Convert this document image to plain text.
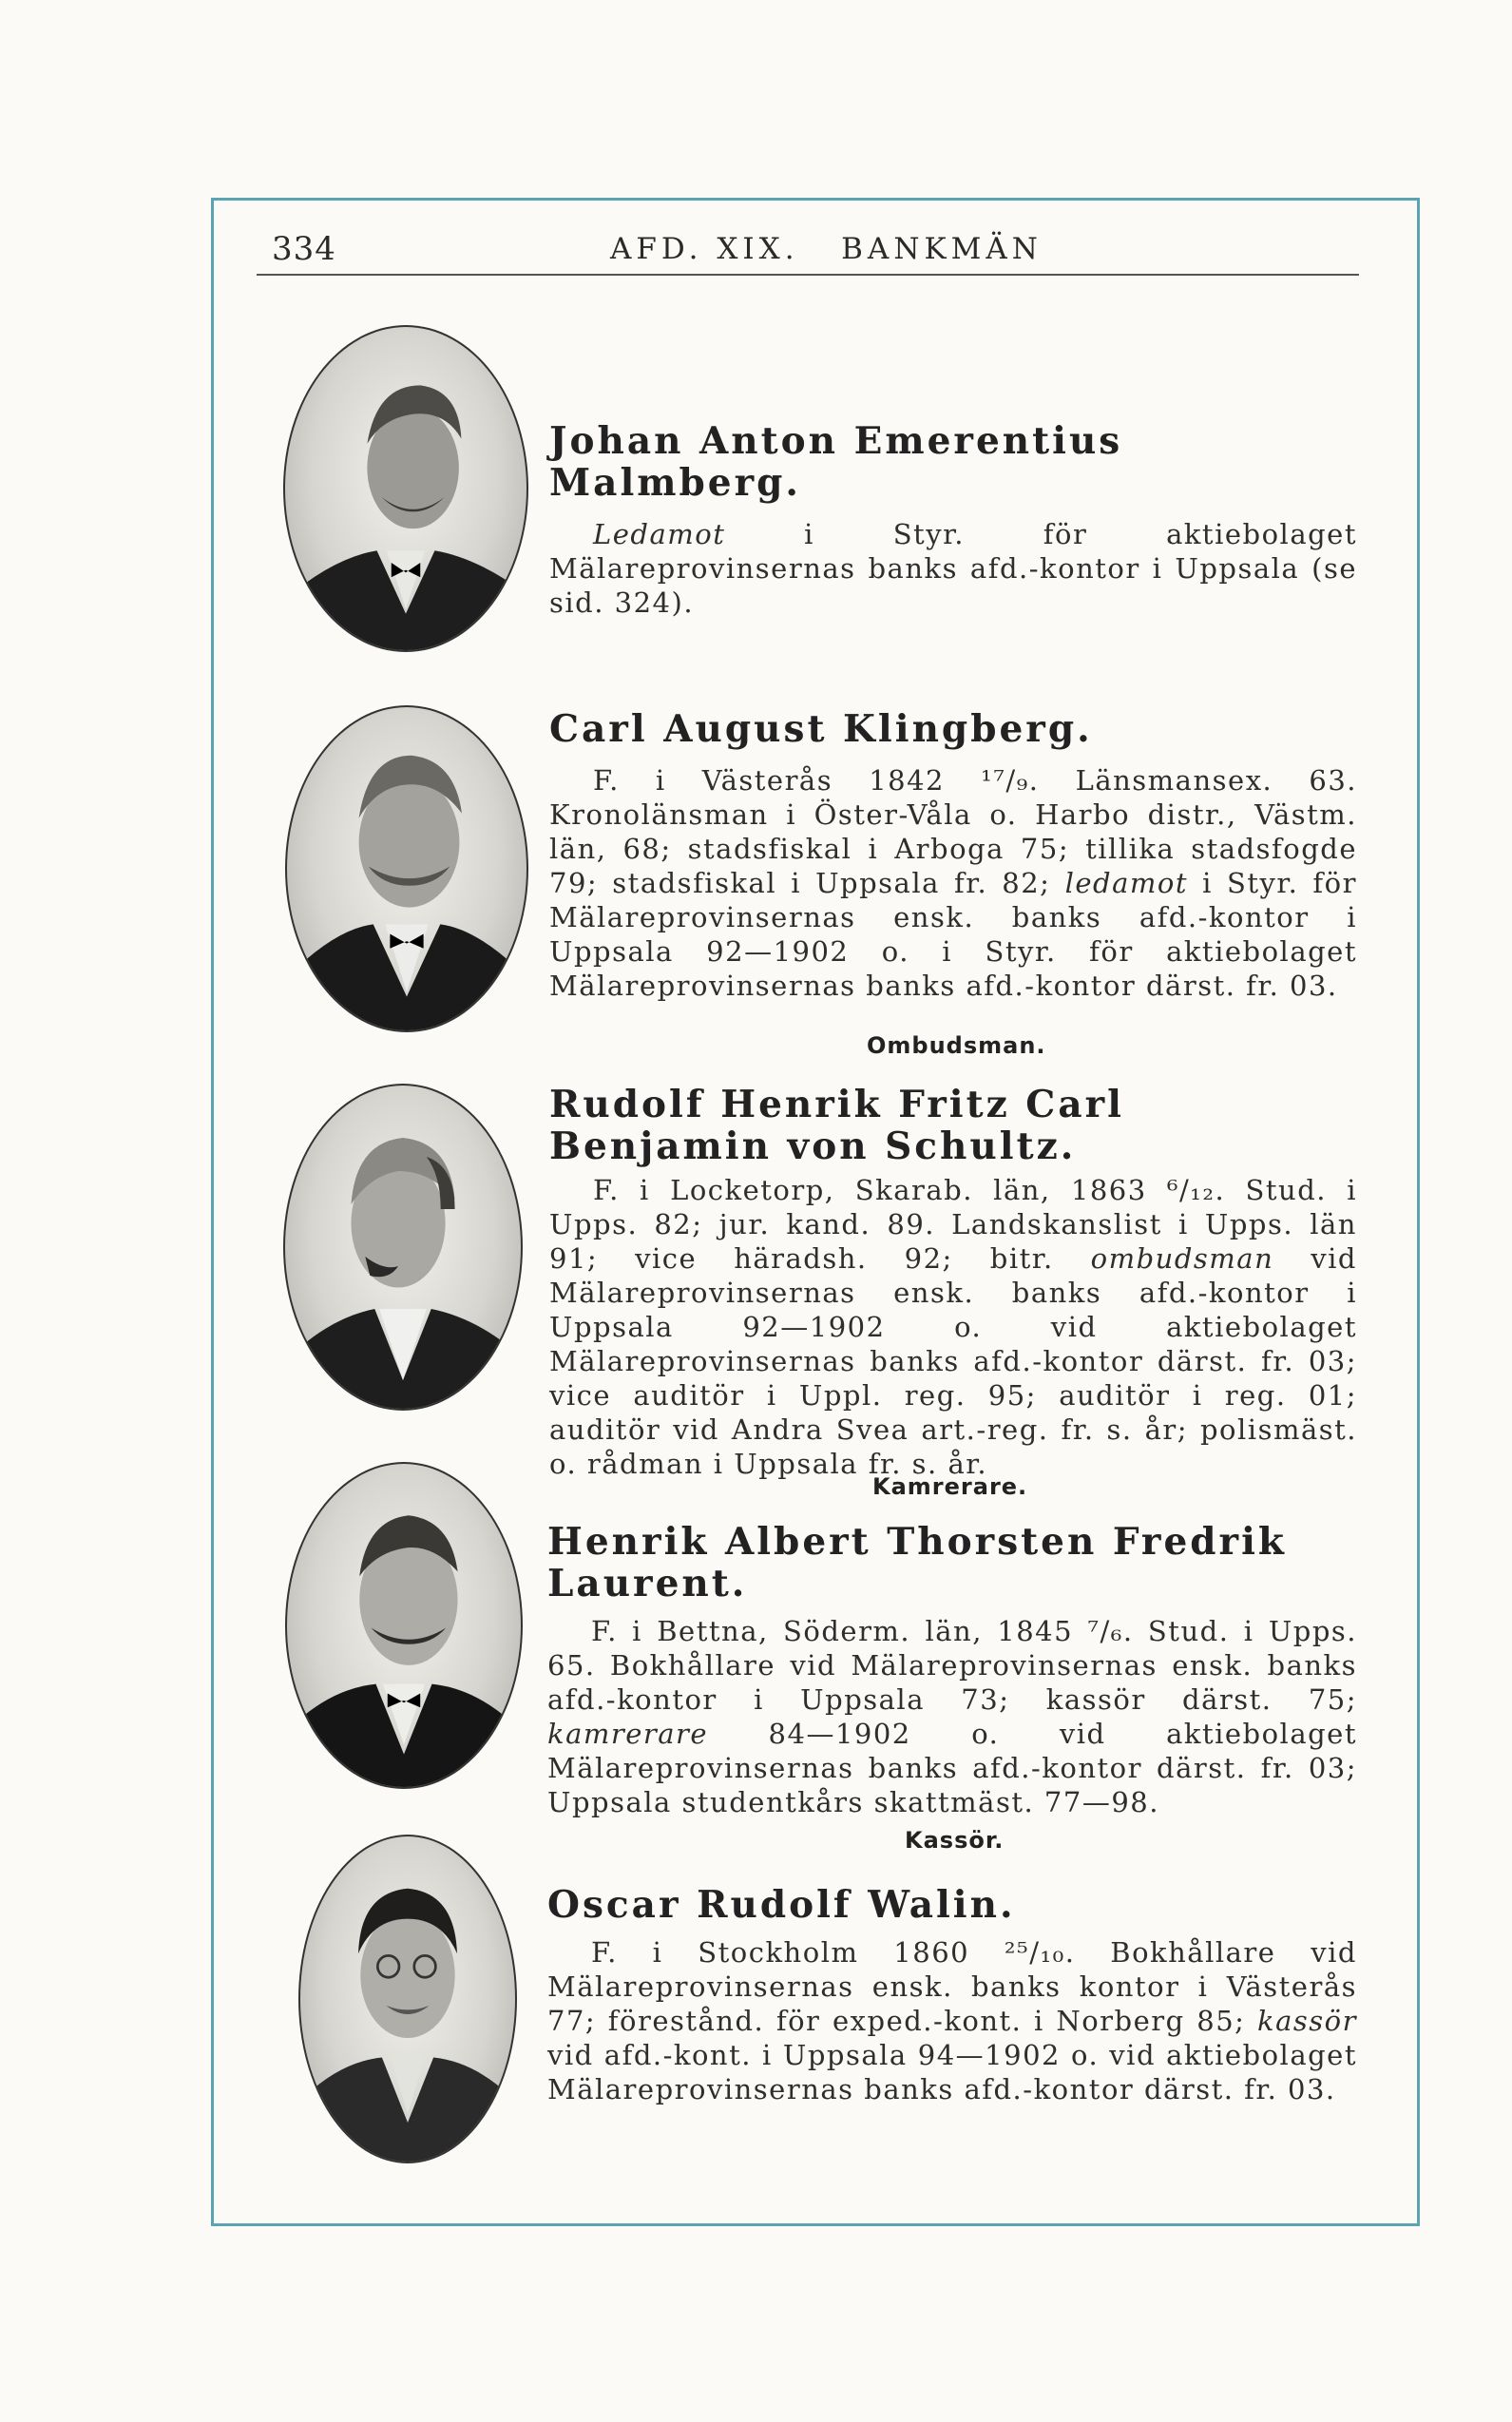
334	AFD. XIX.   BANKMÄN
Johan Anton Emerentius Malmberg.

Ledamot i Styr. för aktiebolaget Mälareprovinsernas banks afd.-kontor i Uppsala (se sid. 324).

Carl August Klingberg.

F. i Västerås 1842 ¹⁷/₉. Länsmansex. 63. Kronolänsman i Öster-Våla o. Harbo distr., Västm. län, 68; stadsfiskal i Arboga 75; tillika stadsfogde 79; stadsfiskal i Uppsala fr. 82; ledamot i Styr. för Mälareprovinsernas ensk. banks afd.-kontor i Uppsala 92—1902 o. i Styr. för aktiebolaget Mälareprovinsernas banks afd.-kontor därst. fr. 03.

Ombudsman.
Rudolf Henrik Fritz Carl Benjamin von Schultz.

F. i Locketorp, Skarab. län, 1863 ⁶/₁₂. Stud. i Upps. 82; jur. kand. 89. Landskanslist i Upps. län 91; vice häradsh. 92; bitr. ombudsman vid Mälareprovinsernas ensk. banks afd.-kontor i Uppsala 92—1902 o. vid aktiebolaget Mälareprovinsernas banks afd.-kontor därst. fr. 03; vice auditör i Uppl. reg. 95; auditör i reg. 01; auditör vid Andra Svea art.-reg. fr. s. år; polismäst. o. rådman i Uppsala fr. s. år.

Kamrerare.
Henrik Albert Thorsten Fredrik Laurent.

F. i Bettna, Söderm. län, 1845 ⁷/₆. Stud. i Upps. 65. Bokhållare vid Mälareprovinsernas ensk. banks afd.-kontor i Uppsala 73; kassör därst. 75; kamrerare 84—1902 o. vid aktiebolaget Mälareprovinsernas banks afd.-kontor därst. fr. 03; Uppsala studentkårs skattmäst. 77—98.

Kassör.
Oscar Rudolf Walin.

F. i Stockholm 1860 ²⁵/₁₀. Bokhållare vid Mälareprovinsernas ensk. banks kontor i Västerås 77; förestånd. för exped.-kont. i Norberg 85; kassör vid afd.-kont. i Uppsala 94—1902 o. vid aktiebolaget Mälareprovinsernas banks afd.-kontor därst. fr. 03.
